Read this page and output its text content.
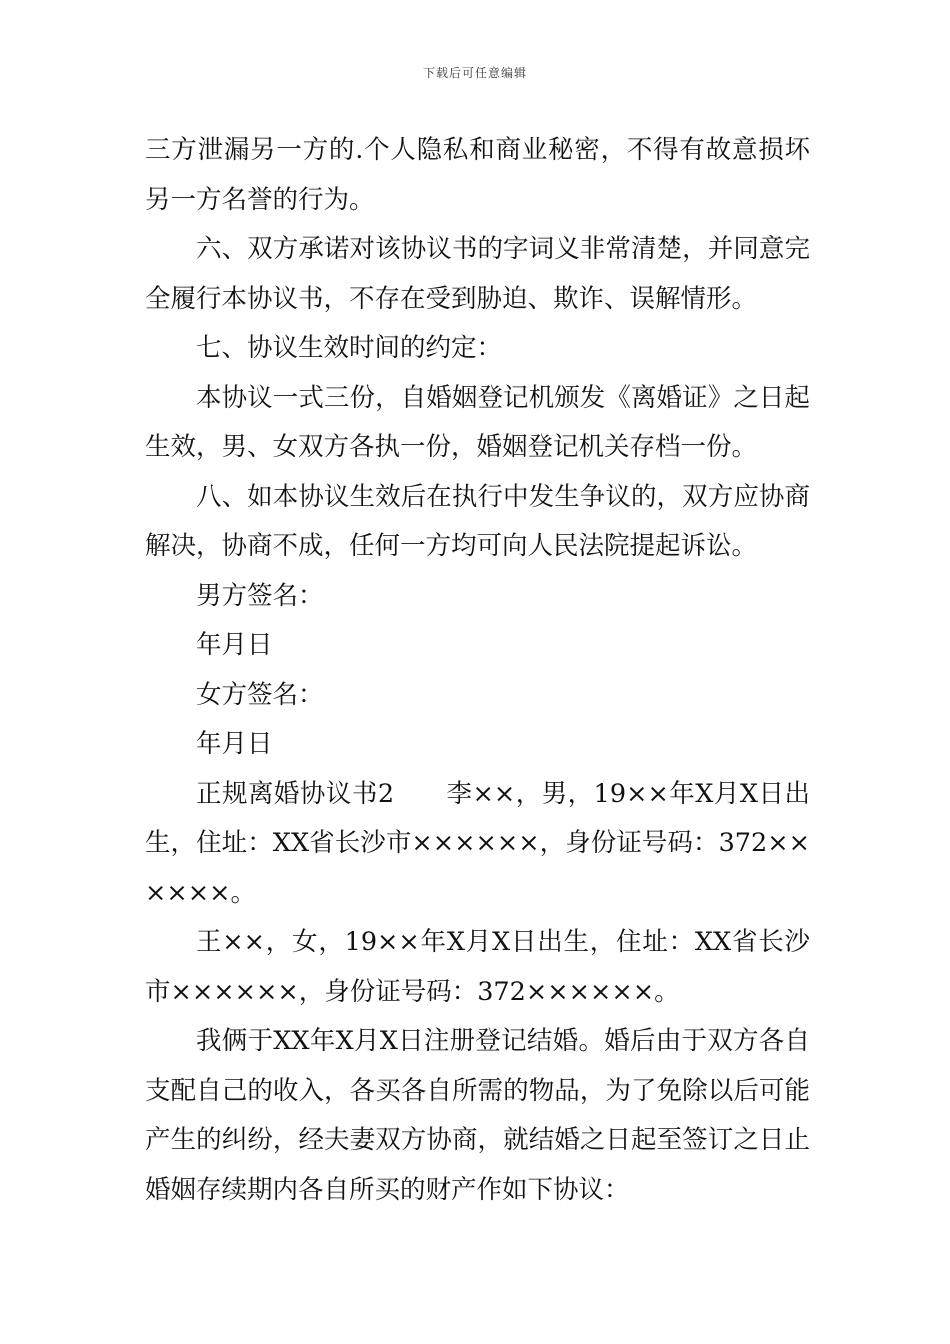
下载后可任意编辑

三方泄漏另一方的.个人隐私和商业秘密，不得有故意损坏另一方名誉的行为。

六、双方承诺对该协议书的字词义非常清楚，并同意完全履行本协议书，不存在受到胁迫、欺诈、误解情形。

七、协议生效时间的约定：

本协议一式三份，自婚姻登记机颁发《离婚证》之日起生效，男、女双方各执一份，婚姻登记机关存档一份。

八、如本协议生效后在执行中发生争议的，双方应协商解决，协商不成，任何一方均可向人民法院提起诉讼。

男方签名：

年月日

女方签名：

年月日

正规离婚协议书2　　李××，男，19××年X月X日出生，住址：XX省长沙市××××××，身份证号码：372××××××。

王××，女，19××年X月X日出生，住址：XX省长沙市××××××，身份证号码：372××××××。

我俩于XX年X月X日注册登记结婚。婚后由于双方各自支配自己的收入，各买各自所需的物品，为了免除以后可能产生的纠纷，经夫妻双方协商，就结婚之日起至签订之日止婚姻存续期内各自所买的财产作如下协议：
